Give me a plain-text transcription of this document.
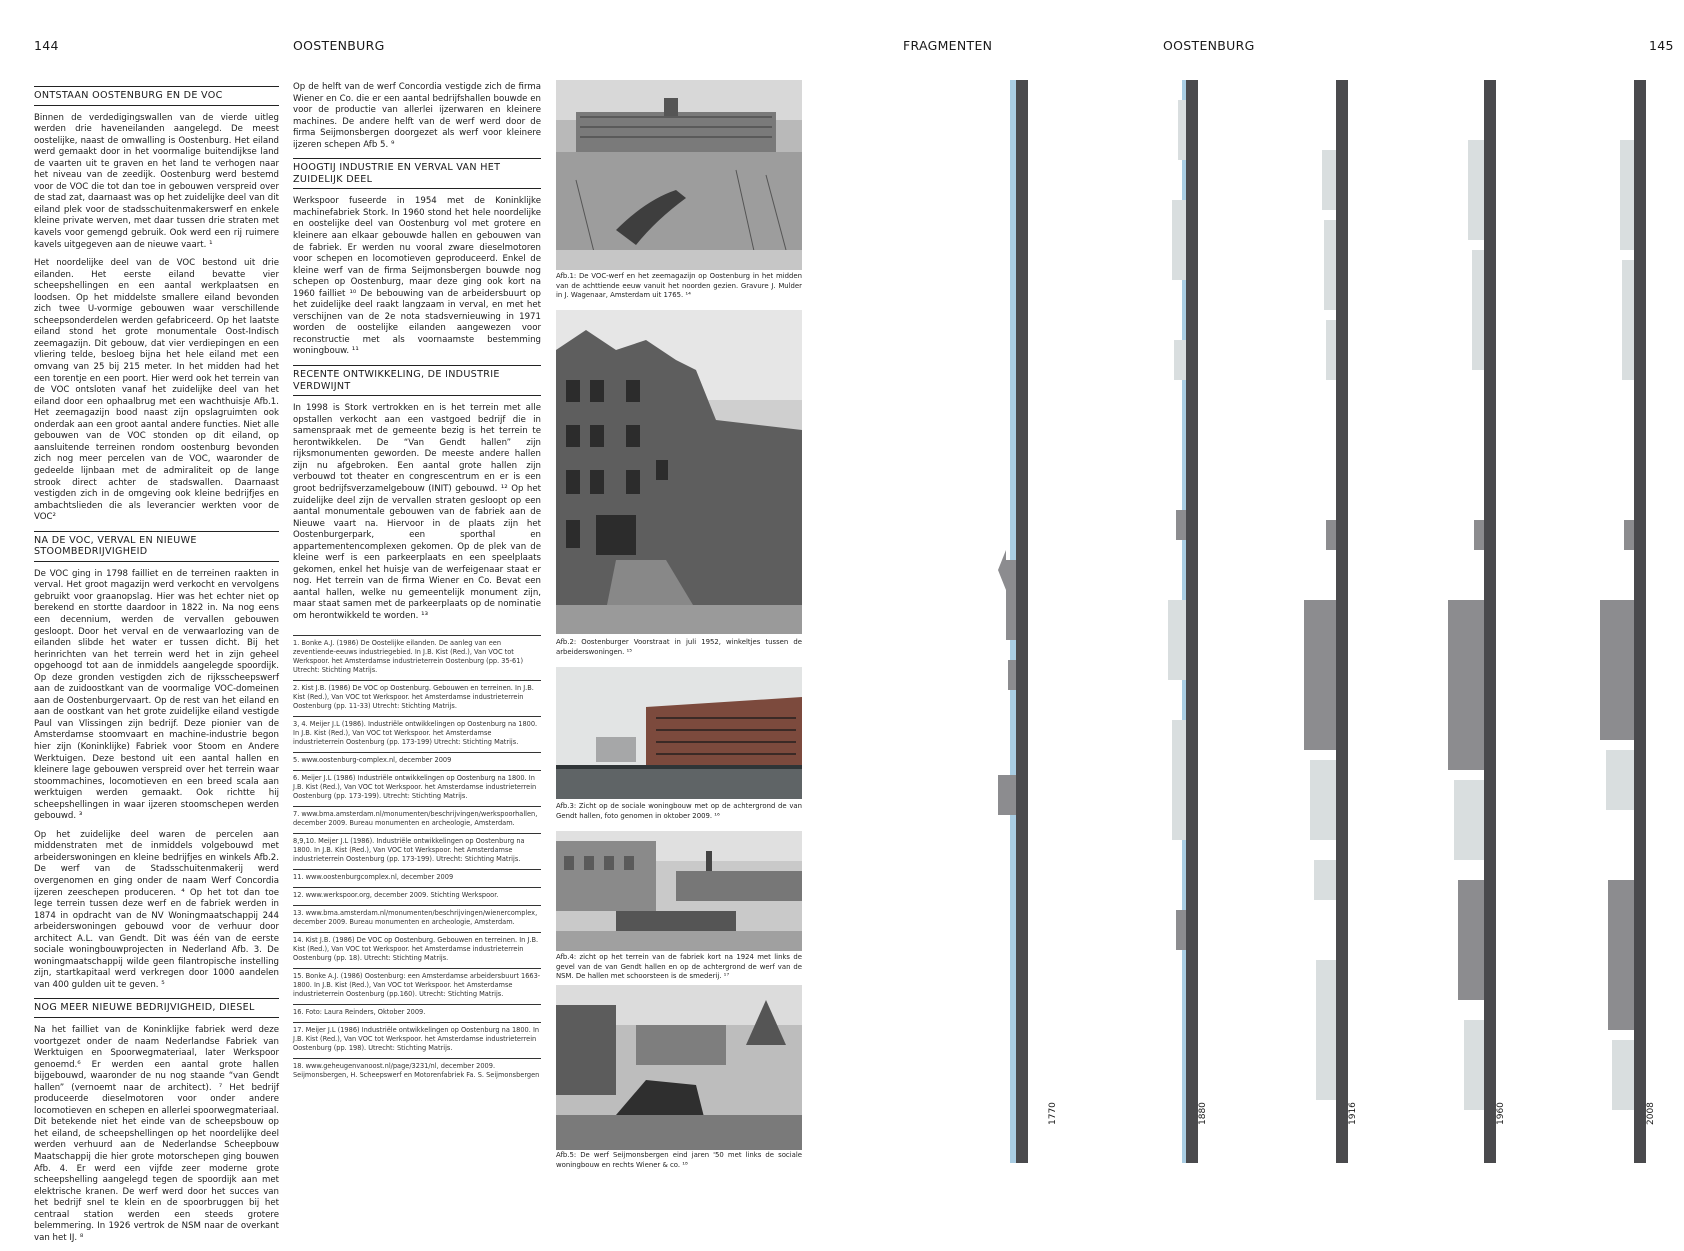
144	OOSTENBURG	FRAGMENTEN	OOSTENBURG	145
ONTSTAAN OOSTENBURG EN DE VOC

Binnen de verdedigingswallen van de vierde uitleg werden drie haveneilanden aangelegd. De meest oostelijke, naast de omwalling is Oostenburg. Het eiland werd gemaakt door in het voormalige buitendijkse land de vaarten uit te graven en het land te verhogen naar het niveau van de zeedijk. Oostenburg werd bestemd voor de VOC die tot dan toe in gebouwen verspreid over de stad zat, daarnaast was op het zuidelijke deel van dit eiland plek voor de stadsschuitenmakerswerf en enkele kleine private werven, met daar tussen drie straten met kavels voor gemengd gebruik. Ook werd een rij ruimere kavels uitgegeven aan de nieuwe vaart. ¹

Het noordelijke deel van de VOC bestond uit drie eilanden. Het eerste eiland bevatte vier scheepshellingen en een aantal werkplaatsen en loodsen. Op het middelste smallere eiland bevonden zich twee U-vormige gebouwen waar verschillende scheepsonderdelen werden gefabriceerd. Op het laatste eiland stond het grote monumentale Oost-Indisch zeemagazijn. Dit gebouw, dat vier verdiepingen en een vliering telde, besloeg bijna het hele eiland met een omvang van 25 bij 215 meter. In het midden had het een torentje en een poort. Hier werd ook het terrein van de VOC ontsloten vanaf het zuidelijke deel van het eiland door een ophaalbrug met een wachthuisje Afb.1. Het zeemagazijn bood naast zijn opslagruimten ook onderdak aan een groot aantal andere functies. Niet alle gebouwen van de VOC stonden op dit eiland, op aansluitende terreinen rondom oostenburg bevonden zich nog meer percelen van de VOC, waaronder de gedeelde lijnbaan met de admiraliteit op de lange strook direct achter de stadswallen. Daarnaast vestigden zich in de omgeving ook kleine bedrijfjes en ambachtslieden die als leverancier werkten voor de VOC²

NA DE VOC, VERVAL EN NIEUWE STOOMBEDRIJVIGHEID

De VOC ging in 1798 failliet en de terreinen raakten in verval. Het groot magazijn werd verkocht en vervolgens gebruikt voor graanopslag. Hier was het echter niet op berekend en stortte daardoor in 1822 in. Na nog eens een decennium, werden de vervallen gebouwen gesloopt. Door het verval en de verwaarlozing van de eilanden slibde het water er tussen dicht. Bij het herinrichten van het terrein werd het in zijn geheel opgehoogd tot aan de inmiddels aangelegde spoordijk. Op deze gronden vestigden zich de rijksscheepswerf aan de zuidoostkant van de voormalige VOC-domeinen aan de Oostenburgervaart. Op de rest van het eiland en aan de oostkant van het grote zuidelijke eiland vestigde Paul van Vlissingen zijn bedrijf. Deze pionier van de Amsterdamse stoomvaart en machine-industrie begon hier zijn (Koninklijke) Fabriek voor Stoom en Andere Werktuigen. Deze bestond uit een aantal hallen en kleinere lage gebouwen verspreid over het terrein waar stoommachines, locomotieven en een breed scala aan werktuigen werden gemaakt. Ook richtte hij scheepshellingen in waar ijzeren stoomschepen werden gebouwd. ³

Op het zuidelijke deel waren de percelen aan middenstraten met de inmiddels volgebouwd met arbeiderswoningen en kleine bedrijfjes en winkels Afb.2. De werf van de Stadsschuitenmakerij werd overgenomen en ging onder de naam Werf Concordia ijzeren zeeschepen produceren. ⁴ Op het tot dan toe lege terrein tussen deze werf en de fabriek werden in 1874 in opdracht van de NV Woningmaatschappij 244 arbeiderswoningen gebouwd voor de verhuur door architect A.L. van Gendt. Dit was één van de eerste sociale woningbouwprojecten in Nederland Afb. 3. De woningmaatschappij wilde geen filantropische instelling zijn, startkapitaal werd verkregen door 1000 aandelen van 400 gulden uit te geven. ⁵

NOG MEER NIEUWE BEDRIJVIGHEID, DIESEL

Na het failliet van de Koninklijke fabriek werd deze voortgezet onder de naam Nederlandse Fabriek van Werktuigen en Spoorwegmateriaal, later Werkspoor genoemd.⁶ Er werden een aantal grote hallen bijgebouwd, waaronder de nu nog staande “van Gendt hallen” (vernoemt naar de architect). ⁷ Het bedrijf produceerde dieselmotoren voor onder andere locomotieven en schepen en allerlei spoorwegmateriaal. Dit betekende niet het einde van de scheepsbouw op het eiland, de scheepshellingen op het noordelijke deel werden verhuurd aan de Nederlandse Scheepbouw Maatschappij die hier grote motorschepen ging bouwen Afb. 4. Er werd een vijfde zeer moderne grote scheepshelling aangelegd tegen de spoordijk aan met elektrische kranen. De werf werd door het succes van het bedrijf snel te klein en de spoorbruggen bij het centraal station werden een steeds grotere belemmering. In 1926 vertrok de NSM naar de overkant van het IJ. ⁸

Op de helft van de werf Concordia vestigde zich de firma Wiener en Co. die er een aantal bedrijfshallen bouwde en voor de productie van allerlei ijzerwaren en kleinere machines. De andere helft van de werf werd door de firma Seijmonsbergen doorgezet als werf voor kleinere ijzeren schepen Afb 5. ⁹

HOOGTIJ INDUSTRIE EN VERVAL VAN HET ZUIDELIJK DEEL

Werkspoor fuseerde in 1954 met de Koninklijke machinefabriek Stork. In 1960 stond het hele noordelijke en oostelijke deel van Oostenburg vol met grotere en kleinere aan elkaar gebouwde hallen en gebouwen van de fabriek. Er werden nu vooral zware dieselmotoren voor schepen en locomotieven geproduceerd. Enkel de kleine werf van de firma Seijmonsbergen bouwde nog schepen op Oostenburg, maar deze ging ook kort na 1960 failliet ¹⁰ De bebouwing van de arbeidersbuurt op het zuidelijke deel raakt langzaam in verval, en met het verschijnen van de 2e nota stadsvernieuwing in 1971 worden de oostelijke eilanden aangewezen voor reconstructie met als voornaamste bestemming woningbouw. ¹¹

RECENTE ONTWIKKELING, DE INDUSTRIE VERDWIJNT

In 1998 is Stork vertrokken en is het terrein met alle opstallen verkocht aan een vastgoed bedrijf die in samenspraak met de gemeente bezig is het terrein te herontwikkelen. De “Van Gendt hallen” zijn rijksmonumenten geworden. De meeste andere hallen zijn nu afgebroken. Een aantal grote hallen zijn verbouwd tot theater en congrescentrum en er is een groot bedrijfsverzamelgebouw (INIT) gebouwd. ¹² Op het zuidelijke deel zijn de vervallen straten gesloopt op een aantal monumentale gebouwen van de fabriek aan de Nieuwe vaart na. Hiervoor in de plaats zijn het Oostenburgerpark, een sporthal en appartementencomplexen gekomen. Op de plek van de kleine werf is een parkeerplaats en een speelplaats gekomen, enkel het huisje van de werfeigenaar staat er nog. Het terrein van de firma Wiener en Co. Bevat een aantal hallen, welke nu gemeentelijk monument zijn, maar staat samen met de parkeerplaats op de nominatie om herontwikkeld te worden. ¹³

1. Bonke A.J. (1986) De Oostelijke eilanden. De aanleg van een zeventiende-eeuws industriegebied. In J.B. Kist (Red.), Van VOC tot Werkspoor. het Amsterdamse industrieterrein Oostenburg (pp. 35-61) Utrecht: Stichting Matrijs.
2. Kist J.B. (1986) De VOC op Oostenburg. Gebouwen en terreinen. In J.B. Kist (Red.), Van VOC tot Werkspoor. het Amsterdamse industrieterrein Oostenburg (pp. 11-33) Utrecht: Stichting Matrijs.
3, 4. Meijer J.L (1986). Industriële ontwikkelingen op Oostenburg na 1800. In J.B. Kist (Red.), Van VOC tot Werkspoor. het Amsterdamse industrieterrein Oostenburg (pp. 173-199) Utrecht: Stichting Matrijs.
5. www.oostenburg-complex.nl, december 2009
6. Meijer J.L (1986) Industriële ontwikkelingen op Oostenburg na 1800. In J.B. Kist (Red.), Van VOC tot Werkspoor. het Amsterdamse industrieterrein Oostenburg (pp. 173-199). Utrecht: Stichting Matrijs.
7. www.bma.amsterdam.nl/monumenten/beschrijvingen/werkspoorhallen, december 2009. Bureau monumenten en archeologie, Amsterdam.
8,9,10. Meijer J.L (1986). Industriële ontwikkelingen op Oostenburg na 1800. In J.B. Kist (Red.), Van VOC tot Werkspoor. het Amsterdamse industrieterrein Oostenburg (pp. 173-199). Utrecht: Stichting Matrijs.
11. www.oostenburgcomplex.nl, december 2009
12. www.werkspoor.org, december 2009. Stichting Werkspoor.
13. www.bma.amsterdam.nl/monumenten/beschrijvingen/wienercomplex, december 2009. Bureau monumenten en archeologie, Amsterdam.
14. Kist J.B. (1986) De VOC op Oostenburg. Gebouwen en terreinen. In J.B. Kist (Red.), Van VOC tot Werkspoor. het Amsterdamse industrieterrein Oostenburg (pp. 18). Utrecht: Stichting Matrijs.
15. Bonke A.J. (1986) Oostenburg: een Amsterdamse arbeidersbuurt 1663-1800. In J.B. Kist (Red.), Van VOC tot Werkspoor. het Amsterdamse industrieterrein Oostenburg (pp.160). Utrecht: Stichting Matrijs.
16. Foto: Laura Reinders, Oktober 2009.
17. Meijer J.L (1986) Industriële ontwikkelingen op Oostenburg na 1800. In J.B. Kist (Red.), Van VOC tot Werkspoor. het Amsterdamse industrieterrein Oostenburg (pp. 198). Utrecht: Stichting Matrijs.
18. www.geheugenvanoost.nl/page/3231/nl, december 2009. Seijmonsbergen, H. Scheepswerf en Motorenfabriek Fa. S. Seijmonsbergen
Afb.1: De VOC-werf en het zeemagazijn op Oostenburg in het midden van de achttiende eeuw vanuit het noorden gezien. Gravure J. Mulder in J. Wagenaar, Amsterdam uit 1765. ¹⁴
Afb.2: Oostenburger Voorstraat in juli 1952, winkeltjes tussen de arbeiderswoningen. ¹⁵
Afb.3: Zicht op de sociale woningbouw met op de achtergrond de van Gendt hallen, foto genomen in oktober 2009. ¹⁶
Afb.4: zicht op het terrein van de fabriek kort na 1924 met links de gevel van de van Gendt hallen en op de achtergrond de werf van de NSM. De hallen met schoorsteen is de smederij. ¹⁷
Afb.5: De werf Seijmonsbergen eind jaren '50 met links de sociale woningbouw en rechts Wiener & co. ¹⁸
1770	1880	1916	1960	2008
